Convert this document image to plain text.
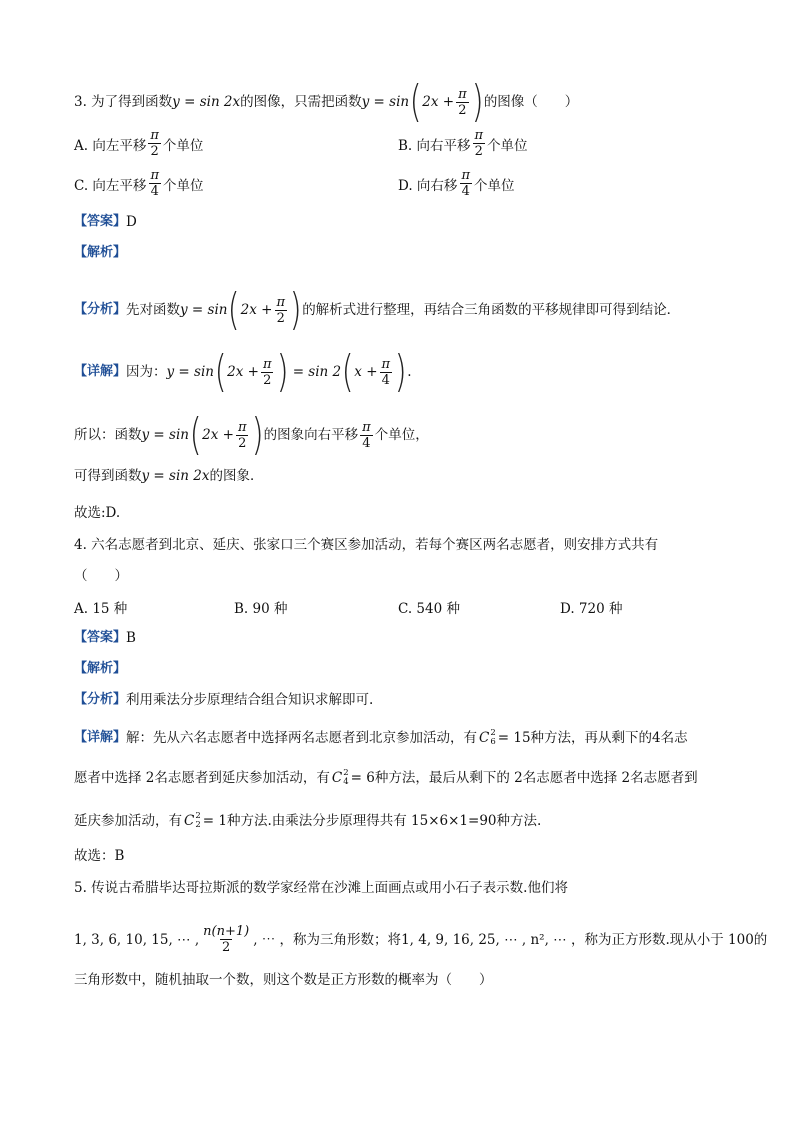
3. 为了得到函数 y = sin 2x 的图像，只需把函数 y = sin ( $2x + \frac{\pi}{2}$ ) 的图像（　　）
A. 向左平移 $\frac{\pi}{2}$ 个单位	B. 向右平移 $\frac{\pi}{2}$ 个单位
C. 向左平移 $\frac{\pi}{4}$ 个单位	D. 向右移 $\frac{\pi}{4}$ 个单位
【答案】 D
【解析】
【分析】 先对函数 y = sin ( $2x + \frac{\pi}{2}$ ) 的解析式进行整理，再结合三角函数的平移规律即可得到结论．
【详解】 因为： y = sin ( $2x + \frac{\pi}{2}$ ) = sin 2 ( $x + \frac{\pi}{4}$ ) .
所以：函数 y = sin ( $2x + \frac{\pi}{2}$ ) 的图象向右平移 $\frac{\pi}{4}$ 个单位，
可得到函数 y = sin 2x 的图象．
故选:D.
4. 六名志愿者到北京、延庆、张家口三个赛区参加活动，若每个赛区两名志愿者，则安排方式共有
（　　）
A. 15 种	B. 90 种	C. 540 种	D. 720 种
【答案】 B
【解析】
【分析】 利用乘法分步原理结合组合知识求解即可.
【详解】 解：先从六名志愿者中选择两名志愿者到北京参加活动，有 C 2
6 = 15种方法，再从剩下的4名志
愿者中选择 2名志愿者到延庆参加活动，有 C 2
4 = 6种方法，最后从剩下的 2名志愿者中选择 2名志愿者到
延庆参加活动，有 C 2
2 = 1种方法.由乘法分步原理得共有 15×6×1=90种方法.
故选：B
5. 传说古希腊毕达哥拉斯派的数学家经常在沙滩上面画点或用小石子表示数.他们将
1, 3, 6, 10, 15, ⋯ , $\frac{n(n+1)}{2}$ , ⋯ ，称为三角形数；将 1, 4, 9, 16, 25, ⋯ , n², ⋯ ， 称为正方形数.现从小于 100的
三角形数中，随机抽取一个数，则这个数是正方形数的概率为（　　）
